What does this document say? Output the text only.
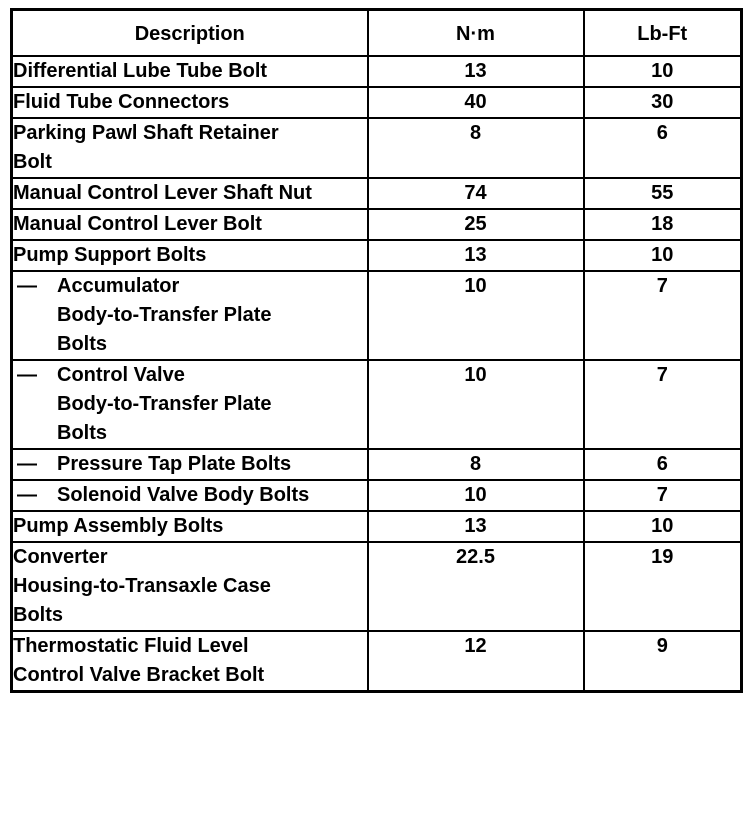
Description	N·m	Lb-Ft

Differential Lube Tube Bolt	13	10

Fluid Tube Connectors	40	30

Parking Pawl Shaft Retainer
Bolt	8	6

Manual Control Lever Shaft Nut	74	55

Manual Control Lever Bolt	25	18

Pump Support Bolts	13	10

— Accumulator
Body-to-Transfer Plate
Bolts	10	7

— Control Valve
Body-to-Transfer Plate
Bolts	10	7

— Pressure Tap Plate Bolts	8	6

— Solenoid Valve Body Bolts	10	7

Pump Assembly Bolts	13	10

Converter
Housing-to-Transaxle Case
Bolts	22.5	19

Thermostatic Fluid Level
Control Valve Bracket Bolt	12	9
